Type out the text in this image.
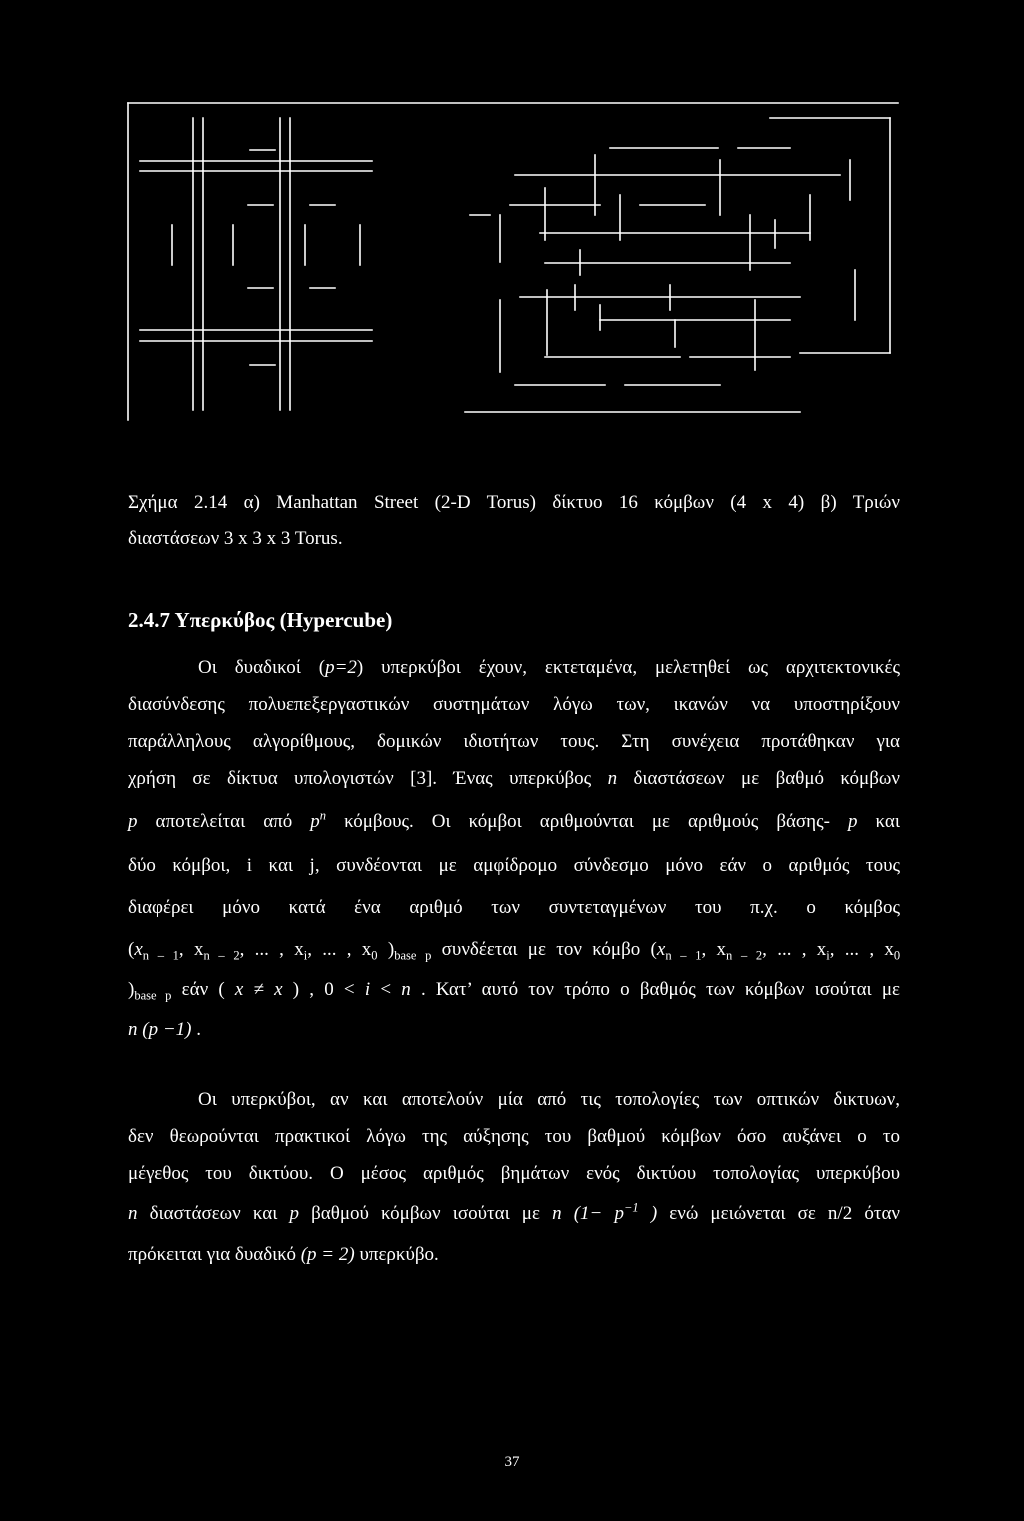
Σχήμα 2.14 α) Manhattan Street (2-D Torus) δίκτυο 16 κόμβων (4 x 4) β) Τριών
διαστάσεων 3 x 3 x 3 Torus.
2.4.7 Υπερκύβος (Hypercube)
Οι δυαδικοί (p=2) υπερκύβοι έχουν, εκτεταμένα, μελετηθεί ως αρχιτεκτονικές
διασύνδεσης πολυεπεξεργαστικών συστημάτων λόγω των, ικανών να υποστηρίξουν
παράλληλους αλγορίθμους, δομικών ιδιοτήτων τους. Στη συνέχεια προτάθηκαν για
χρήση σε δίκτυα υπολογιστών [3]. Ένας υπερκύβος n διαστάσεων με βαθμό κόμβων
p αποτελείται από $p^n$ κόμβους. Οι κόμβοι αριθμούνται με αριθμούς βάσης- p και
δύο κόμβοι, i και j, συνδέονται με αμφίδρομο σύνδεσμο μόνο εάν ο αριθμός τους
διαφέρει μόνο κατά ένα αριθμό των συντεταγμένων του π.χ. ο κόμβος
($x_{n - 1}$, $x_{n - 2}$, ... , $x_i$, ... , $x_0$ )$_{base p}$ συνδέεται με τον κόμβο ($x_{n - 1}$, $x_{n - 2}$, ... , $x_i$, ... , $x_0$
)$_{base p}$ εάν ( x ≠ x ) , 0 < i < n . Κατ’ αυτό τον τρόπο ο βαθμός των κόμβων ισούται με
n (p −1) .
Οι υπερκύβοι, αν και αποτελούν μία από τις τοπολογίες των οπτικών δικτυων,
δεν θεωρούνται πρακτικοί λόγω της αύξησης του βαθμού κόμβων όσο αυξάνει ο το
μέγεθος του δικτύου. Ο μέσος αριθμός βημάτων ενός δικτύου τοπολογίας υπερκύβου
n διαστάσεων και p βαθμού κόμβων ισούται με n ($1- p^{-1}$ ) ενώ μειώνεται σε n/2 όταν
πρόκειται για δυαδικό (p = 2) υπερκύβο.
37
